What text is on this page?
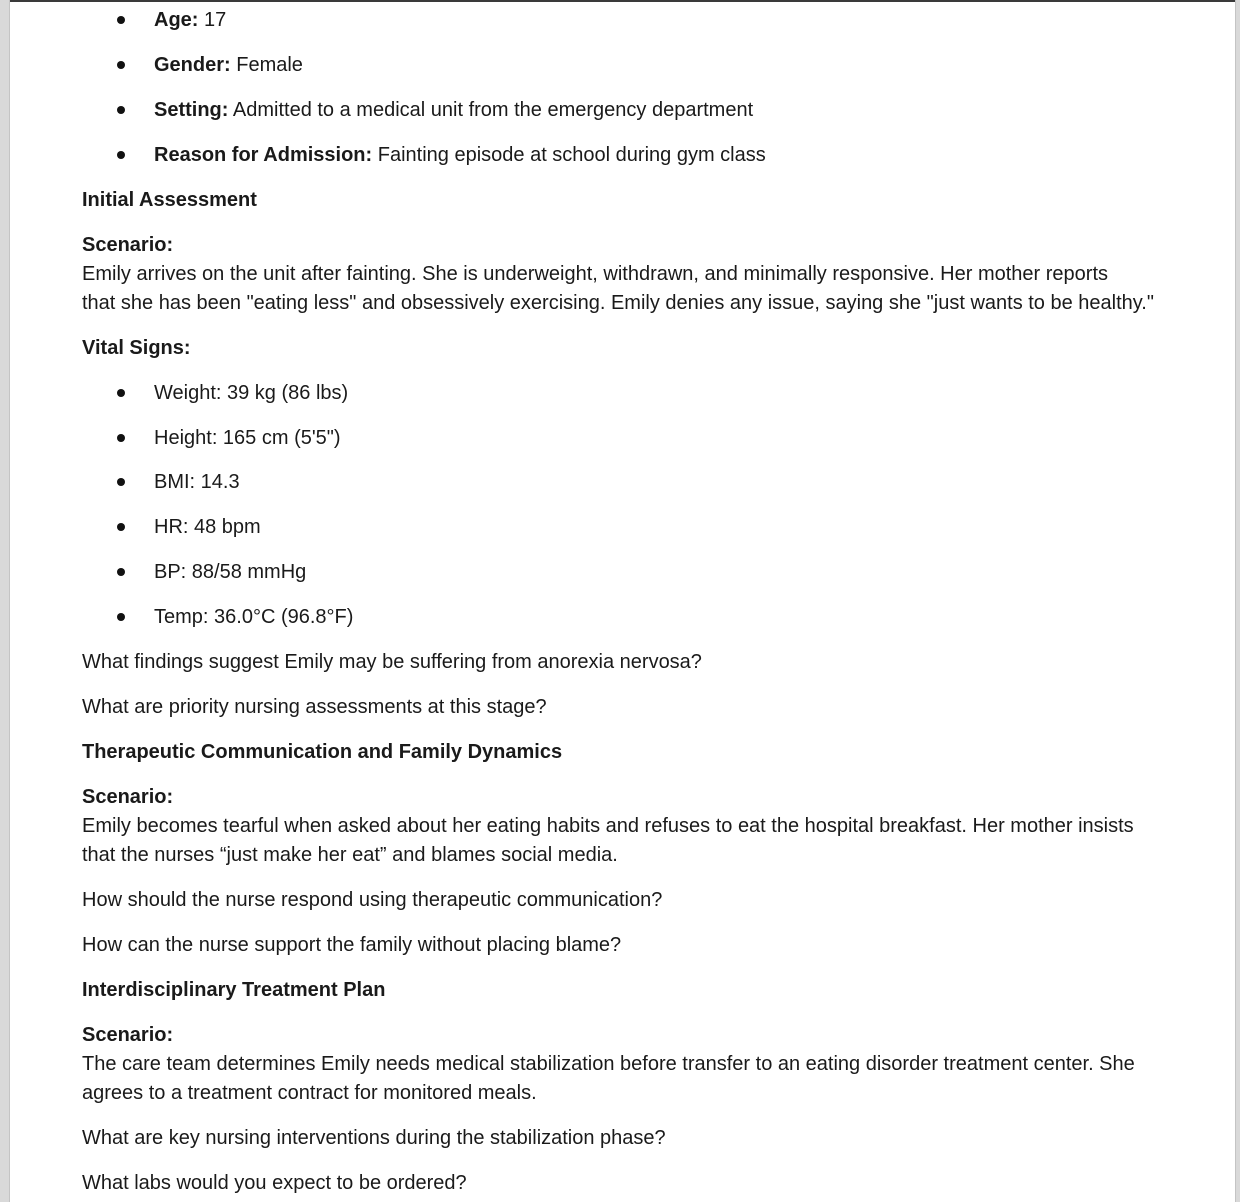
Age: 17
Gender: Female
Setting: Admitted to a medical unit from the emergency department
Reason for Admission: Fainting episode at school during gym class
Initial Assessment
Scenario:
Emily arrives on the unit after fainting. She is underweight, withdrawn, and minimally responsive. Her mother reports
that she has been "eating less" and obsessively exercising. Emily denies any issue, saying she "just wants to be healthy."
Vital Signs:
Weight: 39 kg (86 lbs)
Height: 165 cm (5'5")
BMI: 14.3
HR: 48 bpm
BP: 88/58 mmHg
Temp: 36.0°C (96.8°F)
What findings suggest Emily may be suffering from anorexia nervosa?
What are priority nursing assessments at this stage?
Therapeutic Communication and Family Dynamics
Scenario:
Emily becomes tearful when asked about her eating habits and refuses to eat the hospital breakfast. Her mother insists
that the nurses “just make her eat” and blames social media.
How should the nurse respond using therapeutic communication?
How can the nurse support the family without placing blame?
Interdisciplinary Treatment Plan
Scenario:
The care team determines Emily needs medical stabilization before transfer to an eating disorder treatment center. She
agrees to a treatment contract for monitored meals.
What are key nursing interventions during the stabilization phase?
What labs would you expect to be ordered?
